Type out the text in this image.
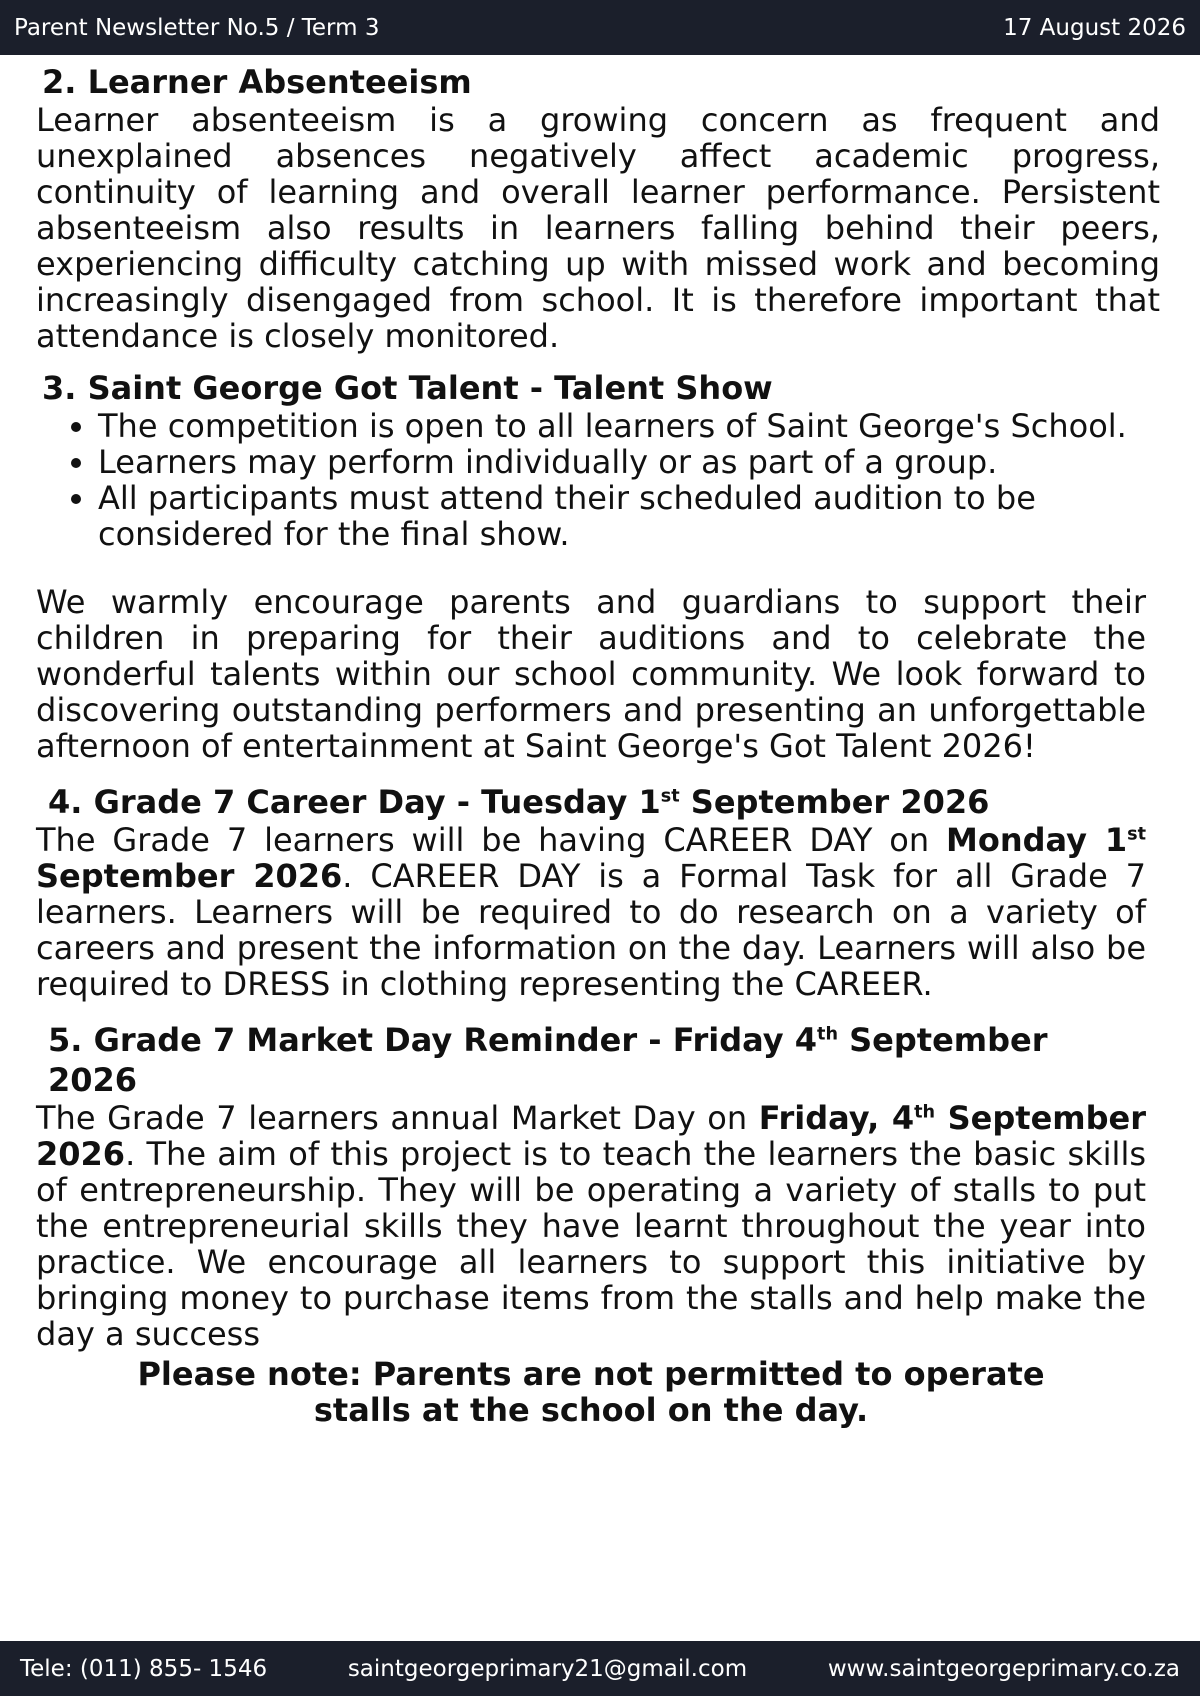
Parent Newsletter No.5 / Term 3	17 August 2026
2. Learner Absenteeism
Learner absenteeism is a growing concern as frequent and unexplained absences negatively affect academic progress, continuity of learning and overall learner performance. Persistent absenteeism also results in learners falling behind their peers, experiencing difficulty catching up with missed work and becoming increasingly disengaged from school. It is therefore important that attendance is closely monitored.
3. Saint George Got Talent - Talent Show
• The competition is open to all learners of Saint George's School.
• Learners may perform individually or as part of a group.
• All participants must attend their scheduled audition to be considered for the final show.
We warmly encourage parents and guardians to support their children in preparing for their auditions and to celebrate the wonderful talents within our school community. We look forward to discovering outstanding performers and presenting an unforgettable afternoon of entertainment at Saint George's Got Talent 2026!
4. Grade 7 Career Day - Tuesday 1st September 2026
The Grade 7 learners will be having CAREER DAY on Monday 1st September 2026. CAREER DAY is a Formal Task for all Grade 7 learners. Learners will be required to do research on a variety of careers and present the information on the day. Learners will also be required to DRESS in clothing representing the CAREER.
5. Grade 7 Market Day Reminder - Friday 4th September 2026
The Grade 7 learners annual Market Day on Friday, 4th September 2026. The aim of this project is to teach the learners the basic skills of entrepreneurship. They will be operating a variety of stalls to put the entrepreneurial skills they have learnt throughout the year into practice. We encourage all learners to support this initiative by bringing money to purchase items from the stalls and help make the day a success
Please note: Parents are not permitted to operate stalls at the school on the day.
Tele: (011) 855- 1546	saintgeorgeprimary21@gmail.com	www.saintgeorgeprimary.co.za
